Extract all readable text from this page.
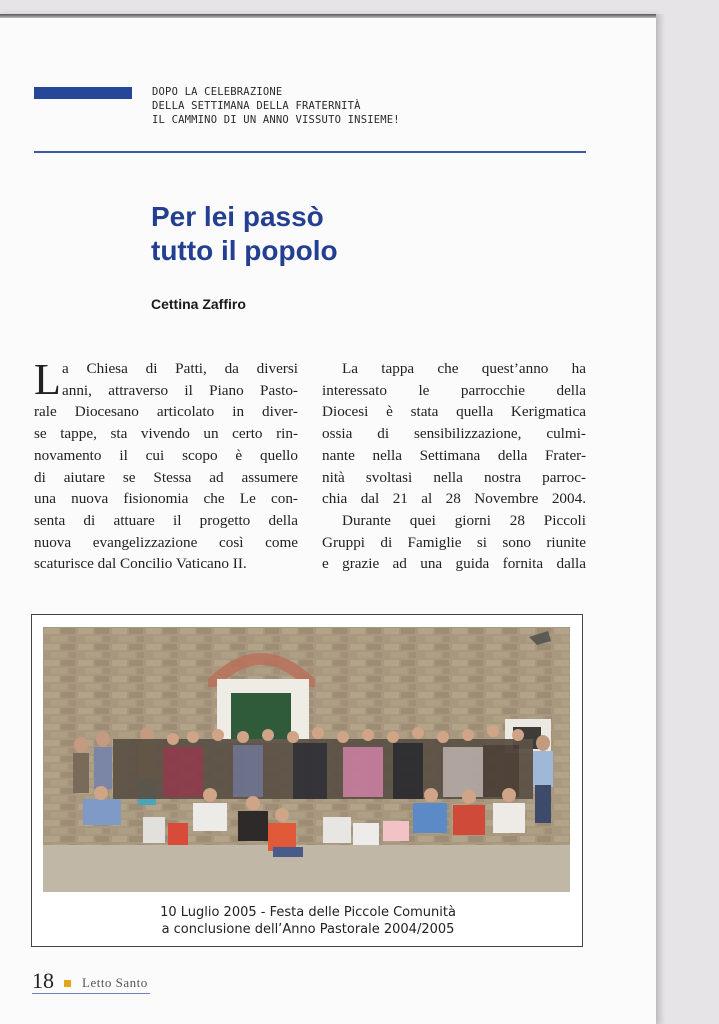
DOPO LA CELEBRAZIONE
DELLA SETTIMANA DELLA FRATERNITÀ
IL CAMMINO DI UN ANNO VISSUTO INSIEME!
Per lei passò
tutto il popolo
Cettina Zaffiro
L a Chiesa di Patti, da diversi
anni, attraverso il Piano Pasto-
rale Diocesano articolato in diver-
se tappe, sta vivendo un certo rin-
novamento il cui scopo è quello
di aiutare se Stessa ad assumere
una nuova fisionomia che Le con-
senta di attuare il progetto della
nuova evangelizzazione così come
scaturisce dal Concilio Vaticano II.
La tappa che quest’anno ha
interessato le parrocchie della
Diocesi è stata quella Kerigmatica
ossia di sensibilizzazione, culmi-
nante nella Settimana della Frater-
nità svoltasi nella nostra parroc-
chia dal 21 al 28 Novembre 2004.
Durante quei giorni 28 Piccoli
Gruppi di Famiglie si sono riunite
e grazie ad una guida fornita dalla
10 Luglio 2005 - Festa delle Piccole Comunità
a conclusione dell’Anno Pastorale 2004/2005
18 Letto Santo
